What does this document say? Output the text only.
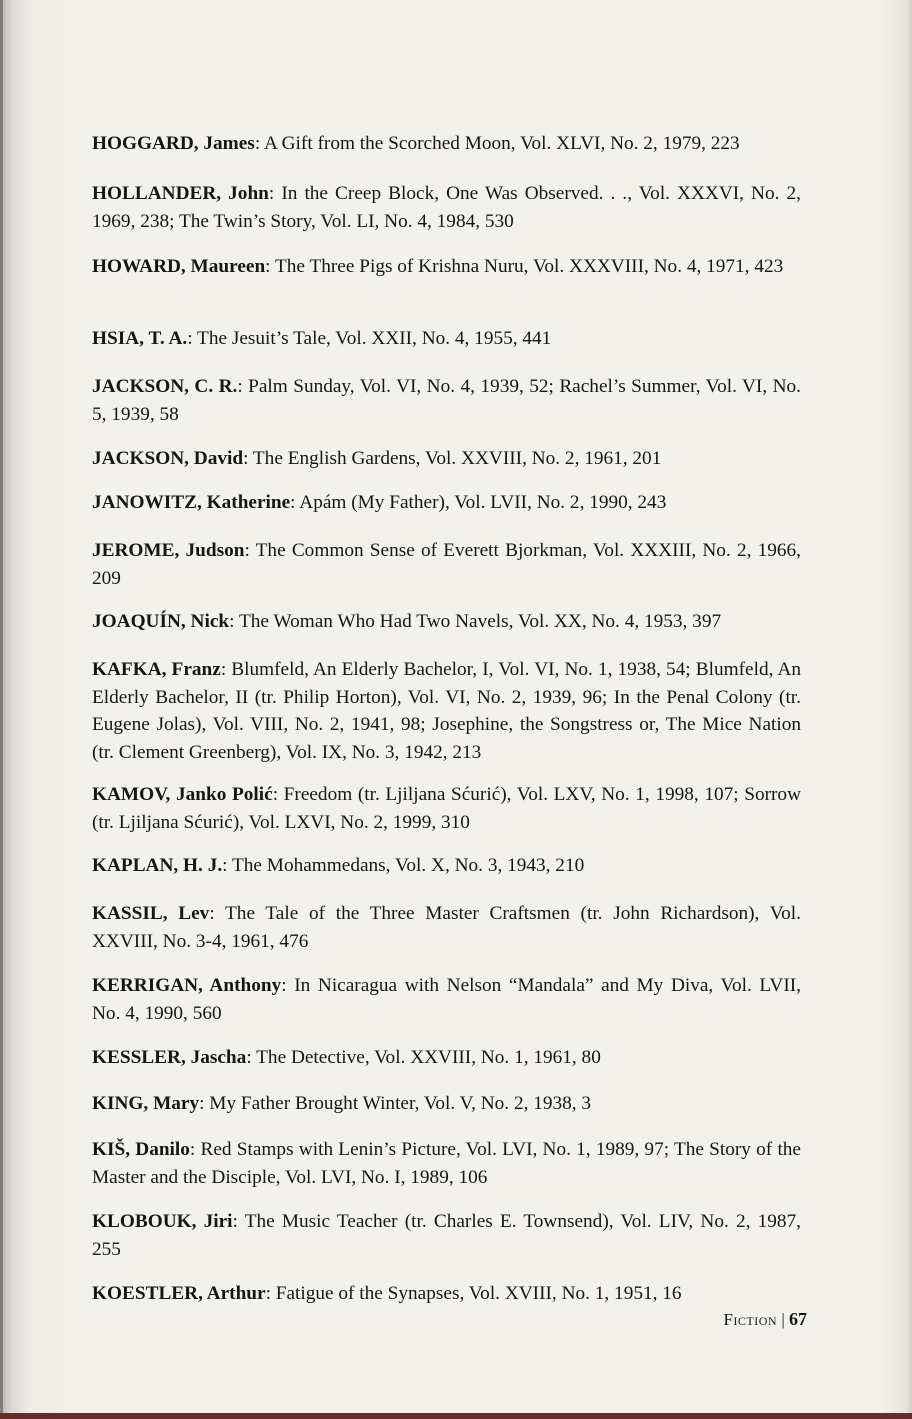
HOGGARD, James: A Gift from the Scorched Moon, Vol. XLVI, No. 2, 1979, 223

HOLLANDER, John: In the Creep Block, One Was Observed. . ., Vol. XXXVI, No. 2, 1969, 238; The Twin’s Story, Vol. LI, No. 4, 1984, 530

HOWARD, Maureen: The Three Pigs of Krishna Nuru, Vol. XXXVIII, No. 4, 1971, 423

HSIA, T. A.: The Jesuit’s Tale, Vol. XXII, No. 4, 1955, 441

JACKSON, C. R.: Palm Sunday, Vol. VI, No. 4, 1939, 52; Rachel’s Summer, Vol. VI, No. 5, 1939, 58

JACKSON, David: The English Gardens, Vol. XXVIII, No. 2, 1961, 201

JANOWITZ, Katherine: Apám (My Father), Vol. LVII, No. 2, 1990, 243

JEROME, Judson: The Common Sense of Everett Bjorkman, Vol. XXXIII, No. 2, 1966, 209

JOAQUÍN, Nick: The Woman Who Had Two Navels, Vol. XX, No. 4, 1953, 397

KAFKA, Franz: Blumfeld, An Elderly Bachelor, I, Vol. VI, No. 1, 1938, 54; Blumfeld, An Elderly Bachelor, II (tr. Philip Horton), Vol. VI, No. 2, 1939, 96; In the Penal Colony (tr. Eugene Jolas), Vol. VIII, No. 2, 1941, 98; Josephine, the Songstress or, The Mice Nation (tr. Clement Greenberg), Vol. IX, No. 3, 1942, 213

KAMOV, Janko Polić: Freedom (tr. Ljiljana Sćurić), Vol. LXV, No. 1, 1998, 107; Sorrow (tr. Ljiljana Sćurić), Vol. LXVI, No. 2, 1999, 310

KAPLAN, H. J.: The Mohammedans, Vol. X, No. 3, 1943, 210

KASSIL, Lev: The Tale of the Three Master Craftsmen (tr. John Richardson), Vol. XXVIII, No. 3-4, 1961, 476

KERRIGAN, Anthony: In Nicaragua with Nelson “Mandala” and My Diva, Vol. LVII, No. 4, 1990, 560

KESSLER, Jascha: The Detective, Vol. XXVIII, No. 1, 1961, 80

KING, Mary: My Father Brought Winter, Vol. V, No. 2, 1938, 3

KIŠ, Danilo: Red Stamps with Lenin’s Picture, Vol. LVI, No. 1, 1989, 97; The Story of the Master and the Disciple, Vol. LVI, No. I, 1989, 106

KLOBOUK, Jiri: The Music Teacher (tr. Charles E. Townsend), Vol. LIV, No. 2, 1987, 255

KOESTLER, Arthur: Fatigue of the Synapses, Vol. XVIII, No. 1, 1951, 16

Fiction | 67
